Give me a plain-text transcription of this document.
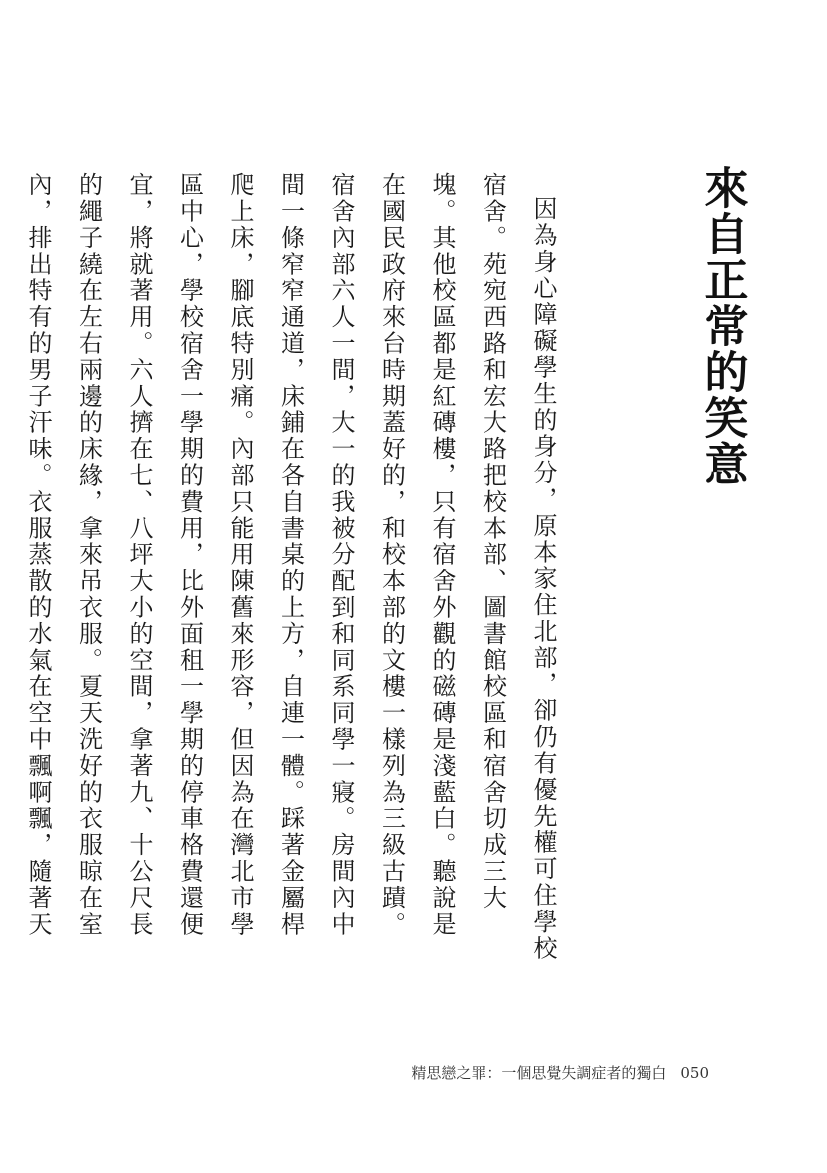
來自正常的笑意

因為身心障礙學生的身分，原本家住北部，卻仍有優先權可住學校宿舍。苑宛西路和宏大路把校本部、圖書館校區和宿舍切成三大塊。其他校區都是紅磚樓，只有宿舍外觀的磁磚是淺藍白。聽說是在國民政府來台時期蓋好的，和校本部的文樓一樣列為三級古蹟。宿舍內部六人一間，大一的我被分配到和同系同學一寢。房間內中間一條窄窄通道，床鋪在各自書桌的上方，自連一體。踩著金屬桿爬上床，腳底特別痛。內部只能用陳舊來形容，但因為在灣北市學區中心，學校宿舍一學期的費用，比外面租一學期的停車格費還便宜，將就著用。六人擠在七、八坪大小的空間，拿著九、十公尺長的繩子繞在左右兩邊的床緣，拿來吊衣服。夏天洗好的衣服晾在室內，排出特有的男子汗味。衣服蒸散的水氣在空中飄啊飄，隨著天

精思戀之罪：一個思覺失調症者的獨白 050
